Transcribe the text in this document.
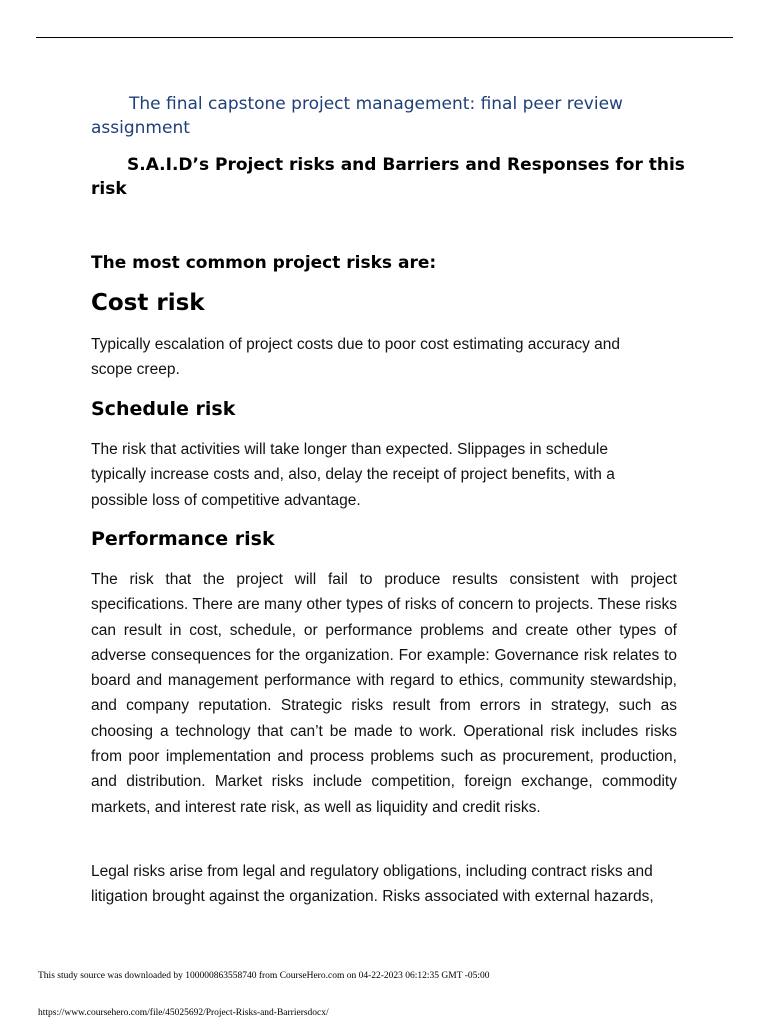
The final capstone project management: final peer review assignment
S.A.I.D’s Project risks and Barriers and Responses for this risk
The most common project risks are:
Cost risk

Typically escalation of project costs due to poor cost estimating accuracy and scope creep.

Schedule risk

The risk that activities will take longer than expected. Slippages in schedule typically increase costs and, also, delay the receipt of project benefits, with a possible loss of competitive advantage.

Performance risk

The risk that the project will fail to produce results consistent with project specifications. There are many other types of risks of concern to projects. These risks can result in cost, schedule, or performance problems and create other types of adverse consequences for the organization. For example: Governance risk relates to board and management performance with regard to ethics, community stewardship, and company reputation. Strategic risks result from errors in strategy, such as choosing a technology that can’t be made to work. Operational risk includes risks from poor implementation and process problems such as procurement, production, and distribution. Market risks include competition, foreign exchange, commodity markets, and interest rate risk, as well as liquidity and credit risks.

Legal risks arise from legal and regulatory obligations, including contract risks and litigation brought against the organization. Risks associated with external hazards,

This study source was downloaded by 100000863558740 from CourseHero.com on 04-22-2023 06:12:35 GMT -05:00

https://www.coursehero.com/file/45025692/Project-Risks-and-Barriersdocx/
